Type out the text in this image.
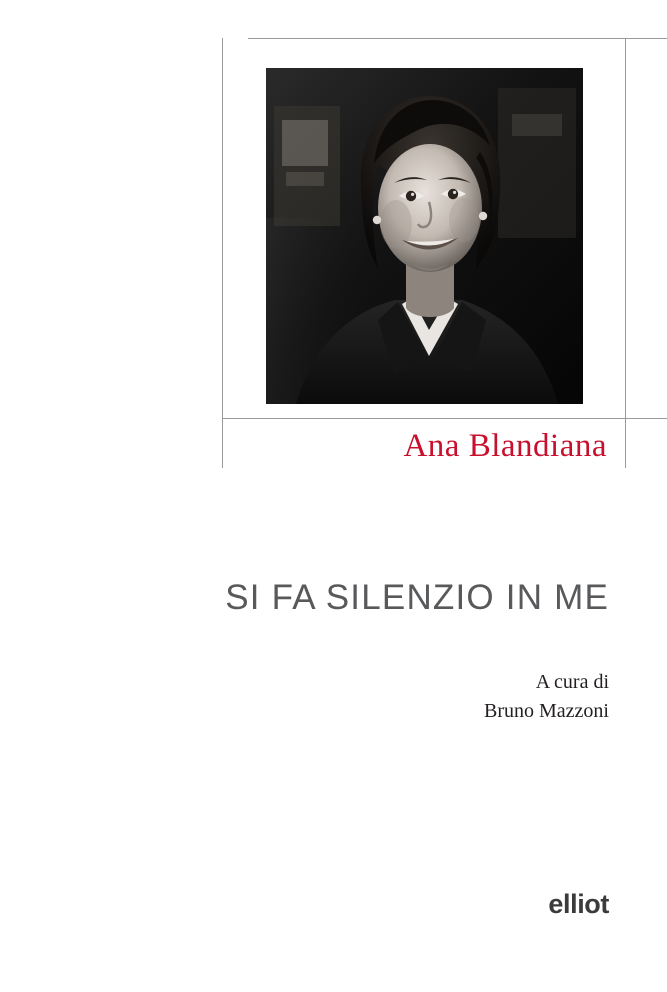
Ana Blandiana
SI FA SILENZIO IN ME
A cura di
Bruno Mazzoni
elliot
